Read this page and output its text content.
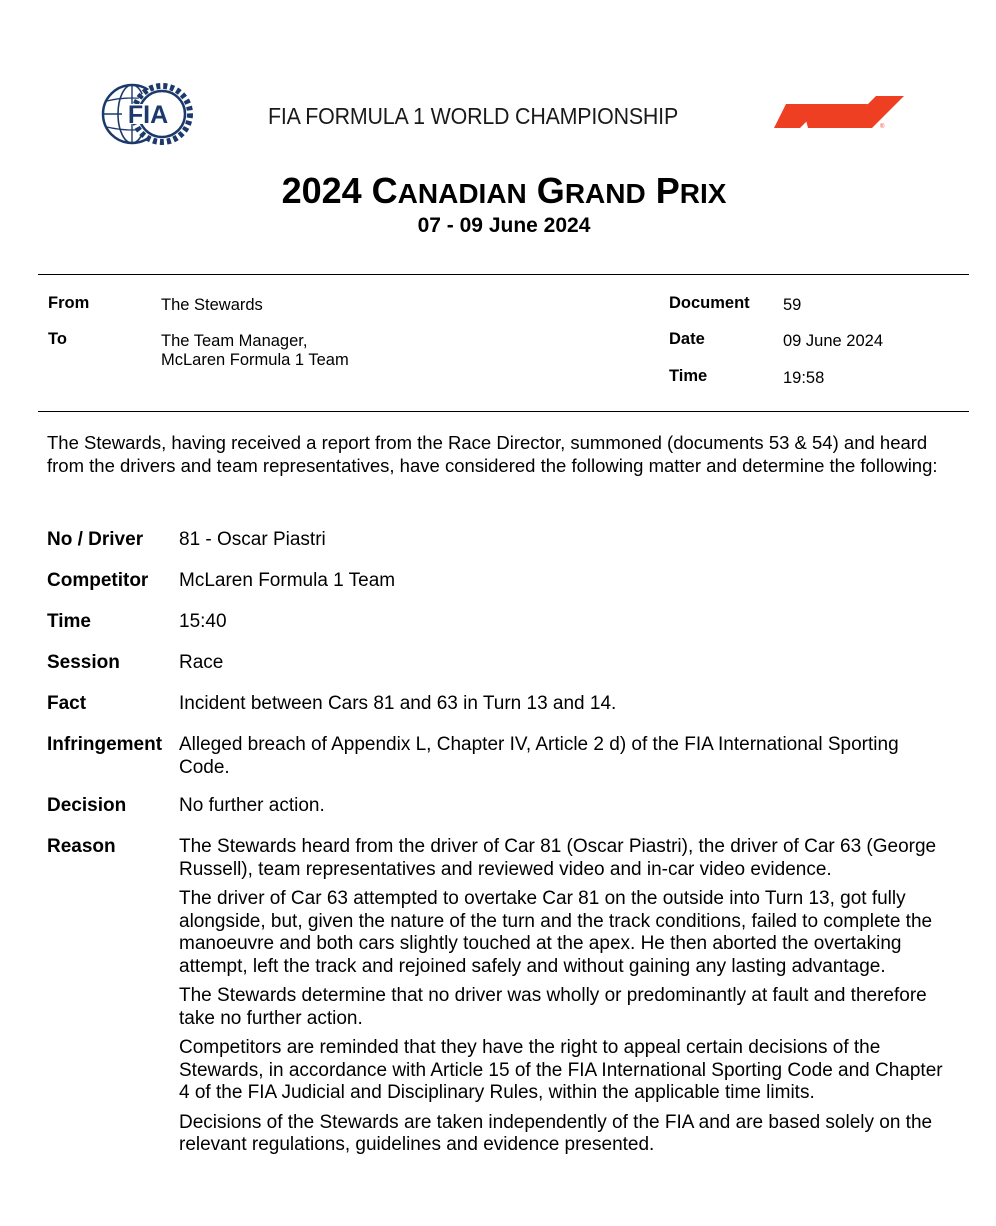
FIA	FIA FORMULA 1 WORLD CHAMPIONSHIP	®
2024 CANADIAN GRAND PRIX
07 - 09 June 2024
From	The Stewards
To	The Team Manager,
McLaren Formula 1 Team
Document 59
Date	09 June 2024
Time	19:58
The Stewards, having received a report from the Race Director, summoned (documents 53 & 54) and heard from the drivers and team representatives, have considered the following matter and determine the following:
No / Driver 81 - Oscar Piastri
Competitor McLaren Formula 1 Team
Time	15:40
Session	Race
Fact	Incident between Cars 81 and 63 in Turn 13 and 14.
Infringement Alleged breach of Appendix L, Chapter IV, Article 2 d) of the FIA International Sporting Code.
Decision	No further action.
Reason	The Stewards heard from the driver of Car 81 (Oscar Piastri), the driver of Car 63 (George Russell), team representatives and reviewed video and in-car video evidence.

The driver of Car 63 attempted to overtake Car 81 on the outside into Turn 13, got fully alongside, but, given the nature of the turn and the track conditions, failed to complete the manoeuvre and both cars slightly touched at the apex. He then aborted the overtaking attempt, left the track and rejoined safely and without gaining any lasting advantage.

The Stewards determine that no driver was wholly or predominantly at fault and therefore take no further action.

Competitors are reminded that they have the right to appeal certain decisions of the Stewards, in accordance with Article 15 of the FIA International Sporting Code and Chapter 4 of the FIA Judicial and Disciplinary Rules, within the applicable time limits.

Decisions of the Stewards are taken independently of the FIA and are based solely on the relevant regulations, guidelines and evidence presented.
